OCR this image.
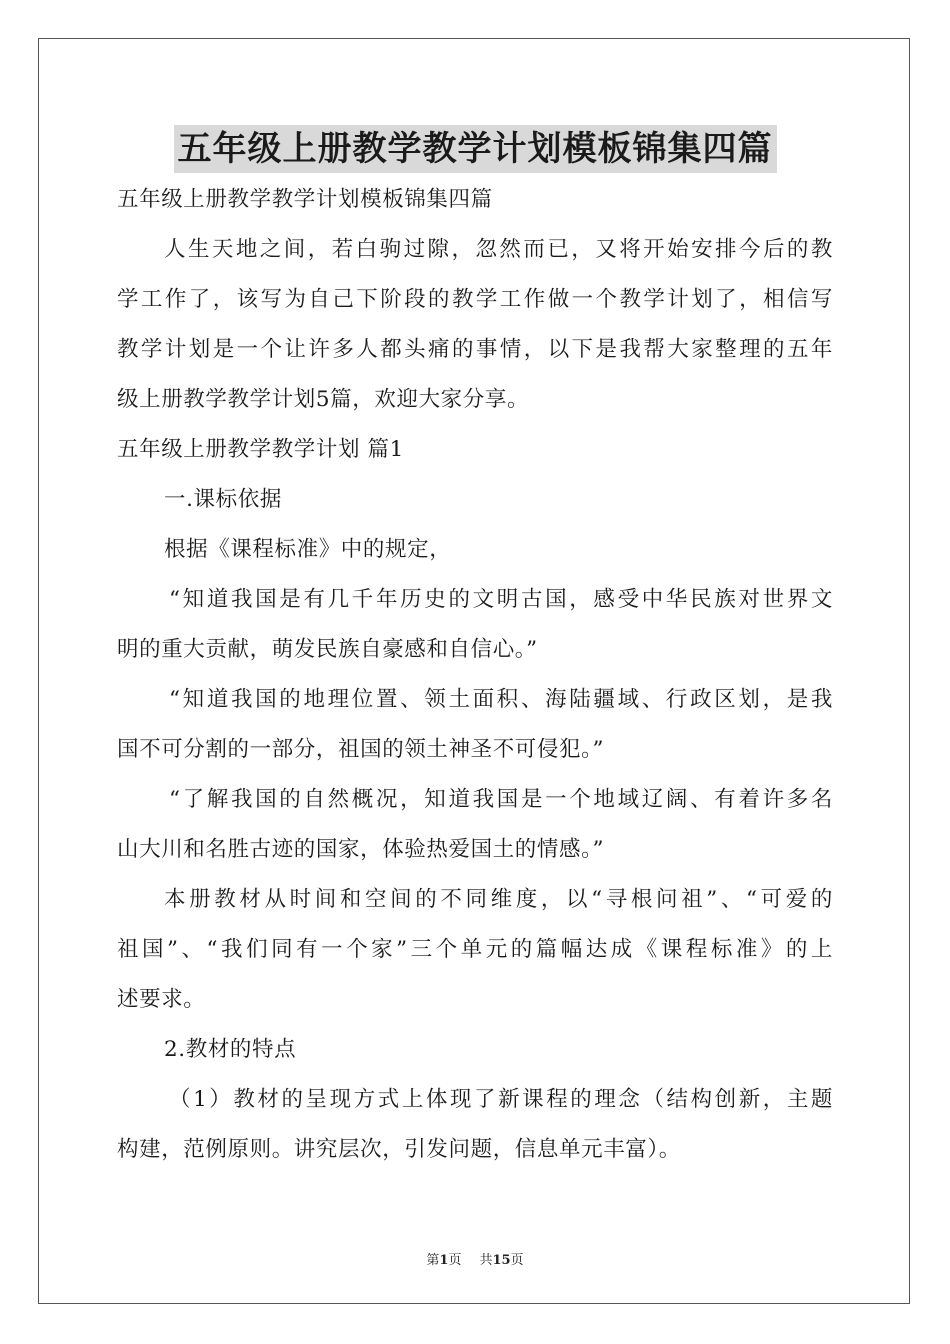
五年级上册教学教学计划模板锦集四篇
五年级上册教学教学计划模板锦集四篇
人生天地之间，若白驹过隙，忽然而已，又将开始安排今后的教
学工作了，该写为自己下阶段的教学工作做一个教学计划了，相信写
教学计划是一个让许多人都头痛的事情，以下是我帮大家整理的五年
级上册教学教学计划5篇，欢迎大家分享。
五年级上册教学教学计划 篇1
一.课标依据
根据《课程标准》中的规定，
“知道我国是有几千年历史的文明古国，感受中华民族对世界文
明的重大贡献，萌发民族自豪感和自信心。”
“知道我国的地理位置、领土面积、海陆疆域、行政区划，是我
国不可分割的一部分，祖国的领土神圣不可侵犯。”
“了解我国的自然概况，知道我国是一个地域辽阔、有着许多名
山大川和名胜古迹的国家，体验热爱国土的情感。”
本册教材从时间和空间的不同维度，以“寻根问祖”、“可爱的
祖国”、“我们同有一个家”三个单元的篇幅达成《课程标准》的上
述要求。
2.教材的特点
（1）教材的呈现方式上体现了新课程的理念（结构创新，主题
构建，范例原则。讲究层次，引发问题，信息单元丰富）。
第1页 共15页
